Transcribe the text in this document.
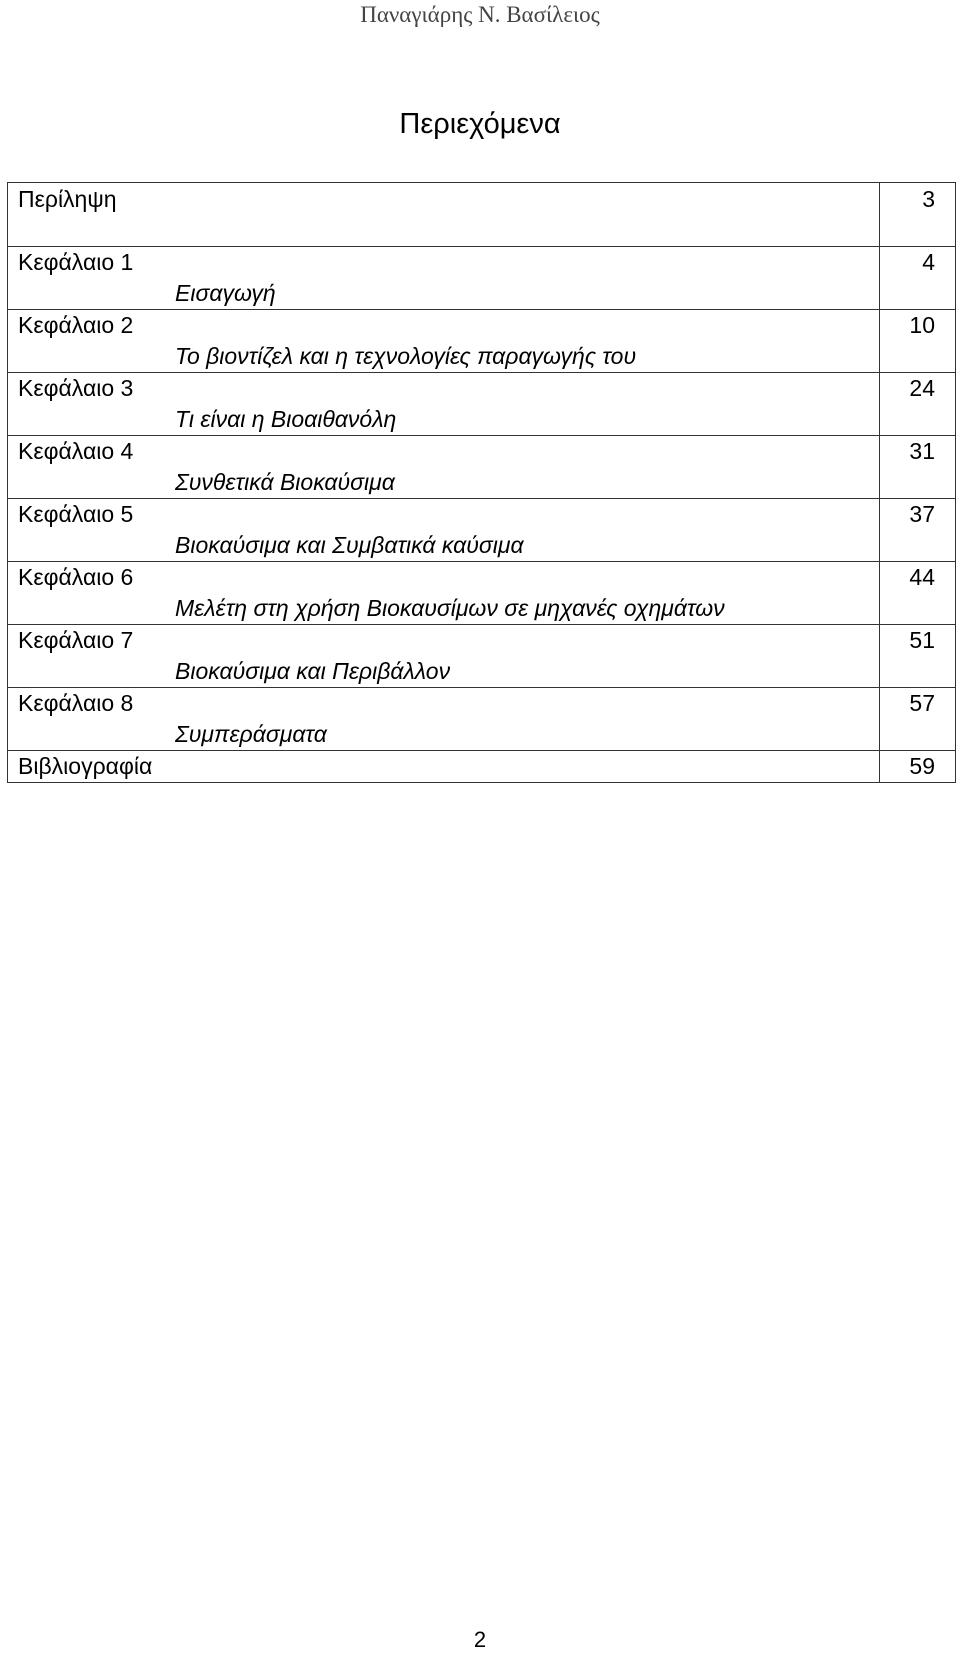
Παναγιάρης Ν. Βασίλειος
Περιεχόμενα
Περίληψη	3

Κεφάλαιο 1
Εισαγωγή	4

Κεφάλαιο 2
Το βιοντίζελ και η τεχνολογίες παραγωγής του	10

Κεφάλαιο 3
Τι είναι η Βιοαιθανόλη	24

Κεφάλαιο 4
Συνθετικά Βιοκαύσιμα	31

Κεφάλαιο 5
Βιοκαύσιμα και Συμβατικά καύσιμα	37

Κεφάλαιο 6
Μελέτη στη χρήση Βιοκαυσίμων σε μηχανές οχημάτων	44

Κεφάλαιο 7
Βιοκαύσιμα και Περιβάλλον	51

Κεφάλαιο 8
Συμπεράσματα	57

Βιβλιογραφία	59
2
